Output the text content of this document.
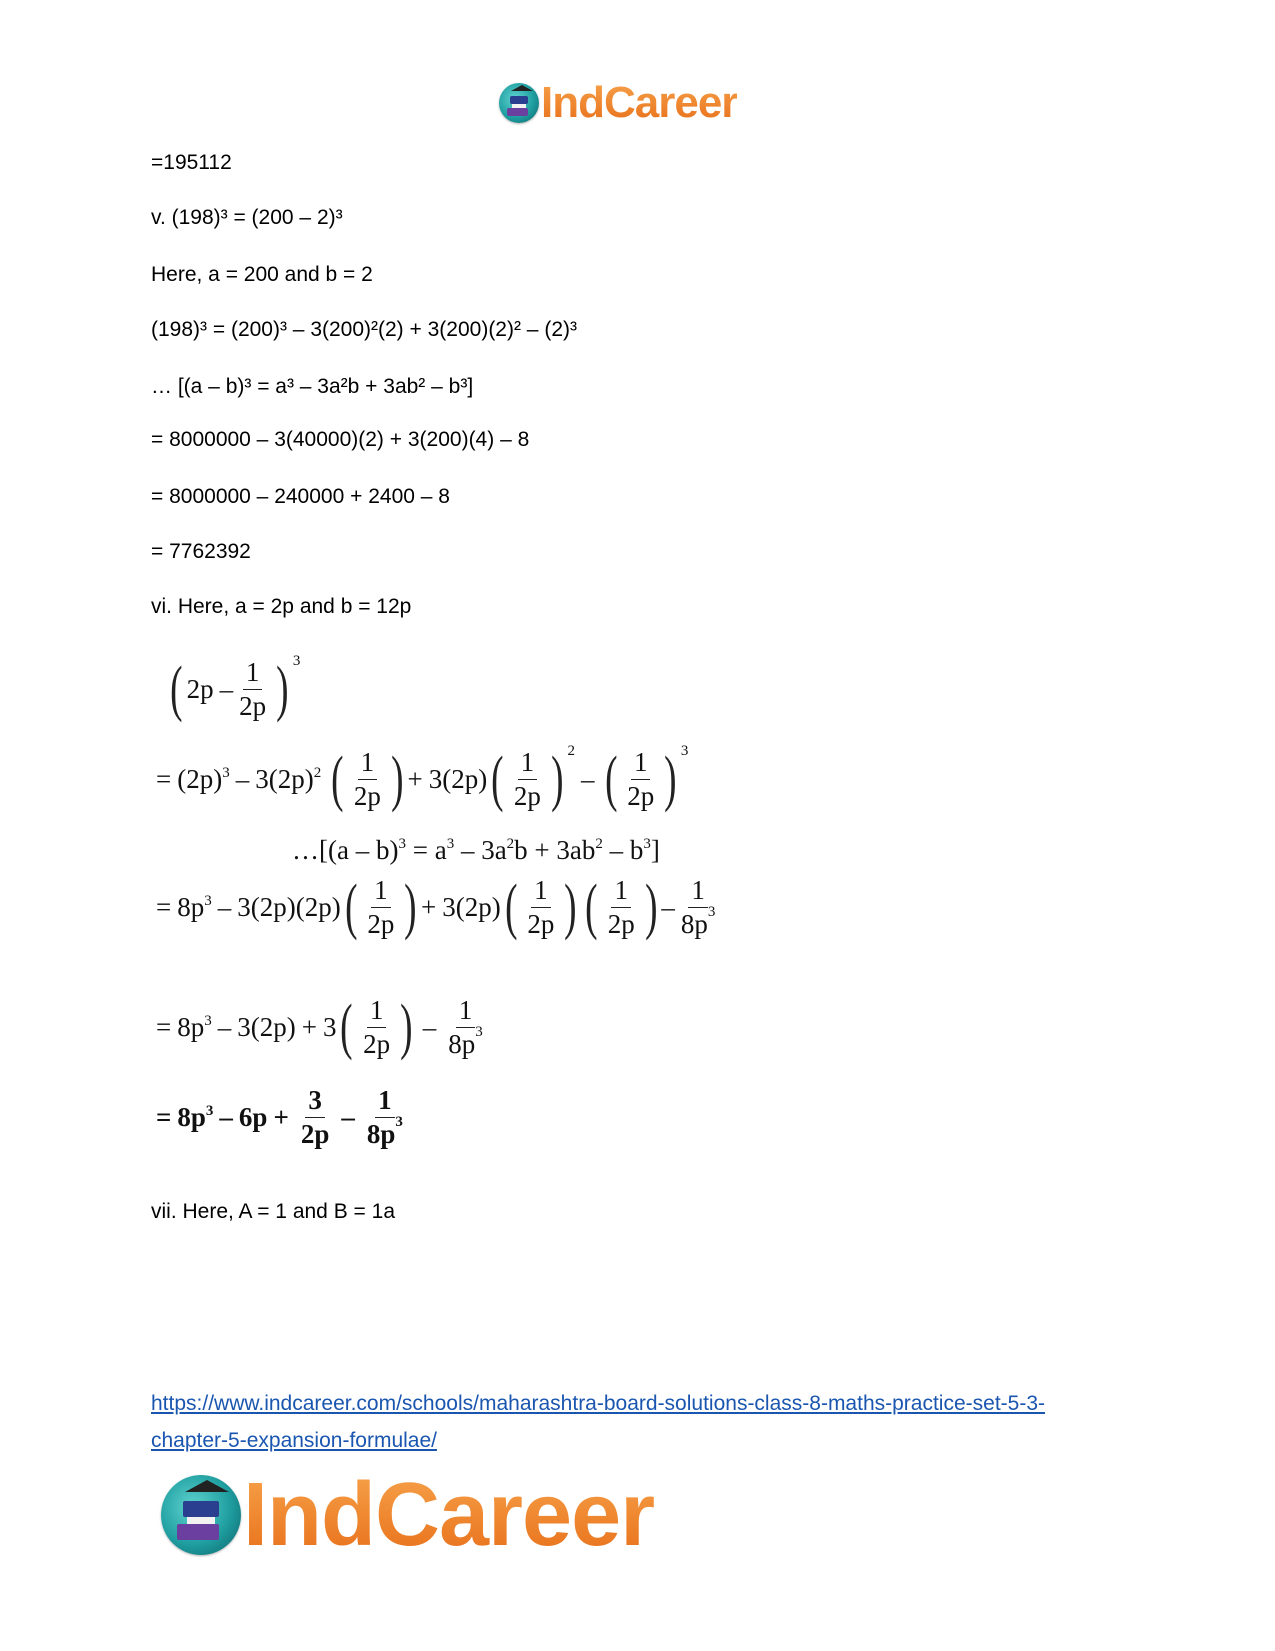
IndCareer
=195112
v. (198)³ = (200 – 2)³
Here, a = 200 and b = 2
(198)³ = (200)³ – 3(200)²(2) + 3(200)(2)² – (2)³
… [(a – b)³ = a³ – 3a²b + 3ab² – b³]
= 8000000 – 3(40000)(2) + 3(200)(4) – 8
= 8000000 – 240000 + 2400 – 8
= 7762392
vi. Here, a = 2p and b = 12p
( $2p - \frac{1}{2p}$ ) $^3$
= $(2p)^3 - 3(2p)^2$ ( $\frac{1}{2p}$ ) + 3(2p) ( $\frac{1}{2p}$ ) $^2$
– ( $\frac{1}{2p}$ ) $^3$
…[(a – $b)^3 = a^3 - 3a^2$ $b + 3ab^2 - b^3$ ]
= $8p^3 - 3(2p)(2p)$ ( $\frac{1}{2p}$ ) + 3(2p) ( $\frac{1}{2p}$ ) ( $\frac{1}{2p}$ ) – $\frac{1}{8p^3}$
= $8p^3 - 3(2p) + 3$ ( $\frac{1}{2p}$ ) – $\frac{1}{8p^3}$
= $8p^3 - 6p + \frac{3}{2p} - \frac{1}{8p^3}$
vii. Here, A = 1 and B = 1a
https://www.indcareer.com/schools/maharashtra-board-solutions-class-8-maths-practice-set-5-3-
chapter-5-expansion-formulae/
IndCareer
